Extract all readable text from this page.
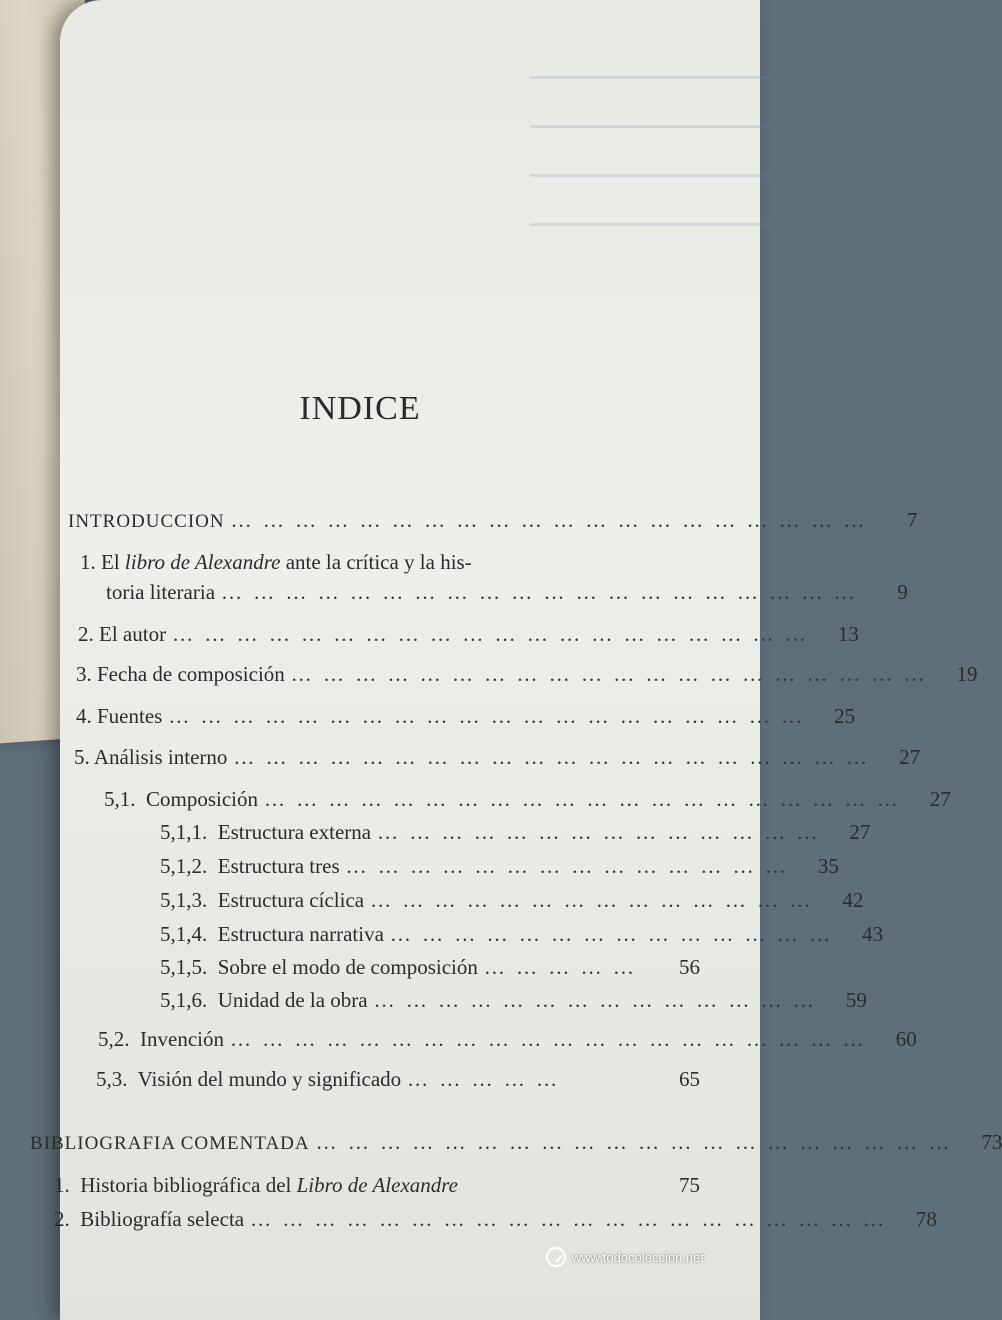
INDICE
INTRODUCCION … … … … … … … … … … … … … … … … … … … …	7
1. El libro de Alexandre ante la crítica y la his-
toria literaria … … … … … … … … … … … … … … … … … … … …	9
2. El autor … … … … … … … … … … … … … … … … … … … …	13
3. Fecha de composición … … … … … … … … … … … … … … … … … … … …	19
4. Fuentes … … … … … … … … … … … … … … … … … … … …	25
5. Análisis interno … … … … … … … … … … … … … … … … … … … …	27
5,1. Composición … … … … … … … … … … … … … … … … … … … …	27
5,1,1. Estructura externa … … … … … … … … … … … … … …	27
5,1,2. Estructura tres … … … … … … … … … … … … … …	35
5,1,3. Estructura cíclica … … … … … … … … … … … … … …	42
5,1,4. Estructura narrativa … … … … … … … … … … … … … …	43
5,1,5. Sobre el modo de composición … … … … …	56
5,1,6. Unidad de la obra … … … … … … … … … … … … … …	59
5,2. Invención … … … … … … … … … … … … … … … … … … … …	60
5,3. Visión del mundo y significado … … … … …	65
BIBLIOGRAFIA COMENTADA … … … … … … … … … … … … … … … … … … … …	73
1. Historia bibliográfica del Libro de Alexandre	75
2. Bibliografía selecta … … … … … … … … … … … … … … … … … … … …	78
www.todocoleccion.net
